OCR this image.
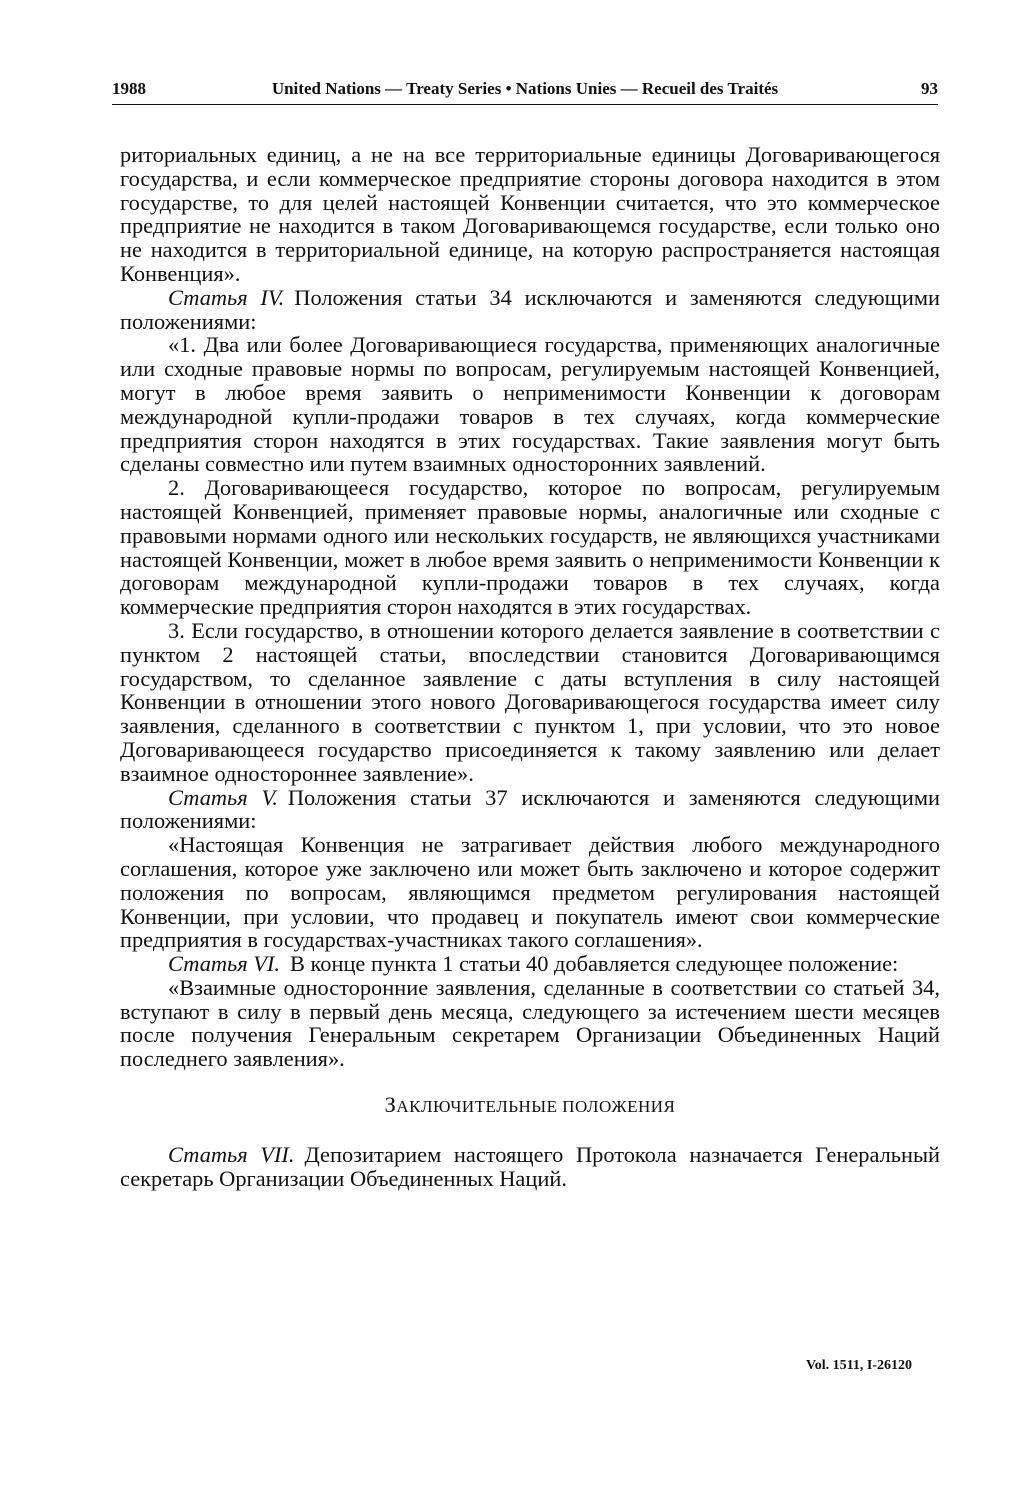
1988	United Nations — Treaty Series • Nations Unies — Recueil des Traités	93

риториальных единиц, а не на все территориальные единицы Договаривающегося государства, и если коммерческое предприятие стороны договора находится в этом государстве, то для целей настоящей Конвенции считается, что это коммерческое предприятие не находится в таком Договаривающемся государстве, если только оно не находится в территориальной единице, на которую распространяется настоящая Конвенция».

Статья IV. Положения статьи 34 исключаются и заменяются следующими положениями:

«1. Два или более Договаривающиеся государства, применяющих аналогичные или сходные правовые нормы по вопросам, регулируемым настоящей Конвенцией, могут в любое время заявить о неприменимости Конвенции к договорам международной купли-продажи товаров в тех случаях, когда коммерческие предприятия сторон находятся в этих государствах. Такие заявления могут быть сделаны совместно или путем взаимных односторонних заявлений.

2. Договаривающееся государство, которое по вопросам, регулируемым настоящей Конвенцией, применяет правовые нормы, аналогичные или сходные с правовыми нормами одного или нескольких государств, не являющихся участниками настоящей Конвенции, может в любое время заявить о неприменимости Конвенции к договорам международной купли-продажи товаров в тех случаях, когда коммерческие предприятия сторон находятся в этих государствах.

3. Если государство, в отношении которого делается заявление в соответствии с пунктом 2 настоящей статьи, впоследствии становится Договаривающимся государством, то сделанное заявление с даты вступления в силу настоящей Конвенции в отношении этого нового Договаривающегося государства имеет силу заявления, сделанного в соответствии с пунктом 1, при условии, что это новое Договаривающееся государство присоединяется к такому заявлению или делает взаимное одностороннее заявление».

Статья V. Положения статьи 37 исключаются и заменяются следующими положениями:

«Настоящая Конвенция не затрагивает действия любого международного соглашения, которое уже заключено или может быть заключено и которое содержит положения по вопросам, являющимся предметом регулирования настоящей Конвенции, при условии, что продавец и покупатель имеют свои коммерческие предприятия в государствах-участниках такого соглашения».

Статья VI. В конце пункта 1 статьи 40 добавляется следующее положение:

«Взаимные односторонние заявления, сделанные в соответствии со статьей 34, вступают в силу в первый день месяца, следующего за истечением шести месяцев после получения Генеральным секретарем Организации Объединенных Наций последнего заявления».

ЗАКЛЮЧИТЕЛЬНЫЕ ПОЛОЖЕНИЯ

Статья VII. Депозитарием настоящего Протокола назначается Генеральный секретарь Организации Объединенных Наций.

Vol. 1511, I-26120
